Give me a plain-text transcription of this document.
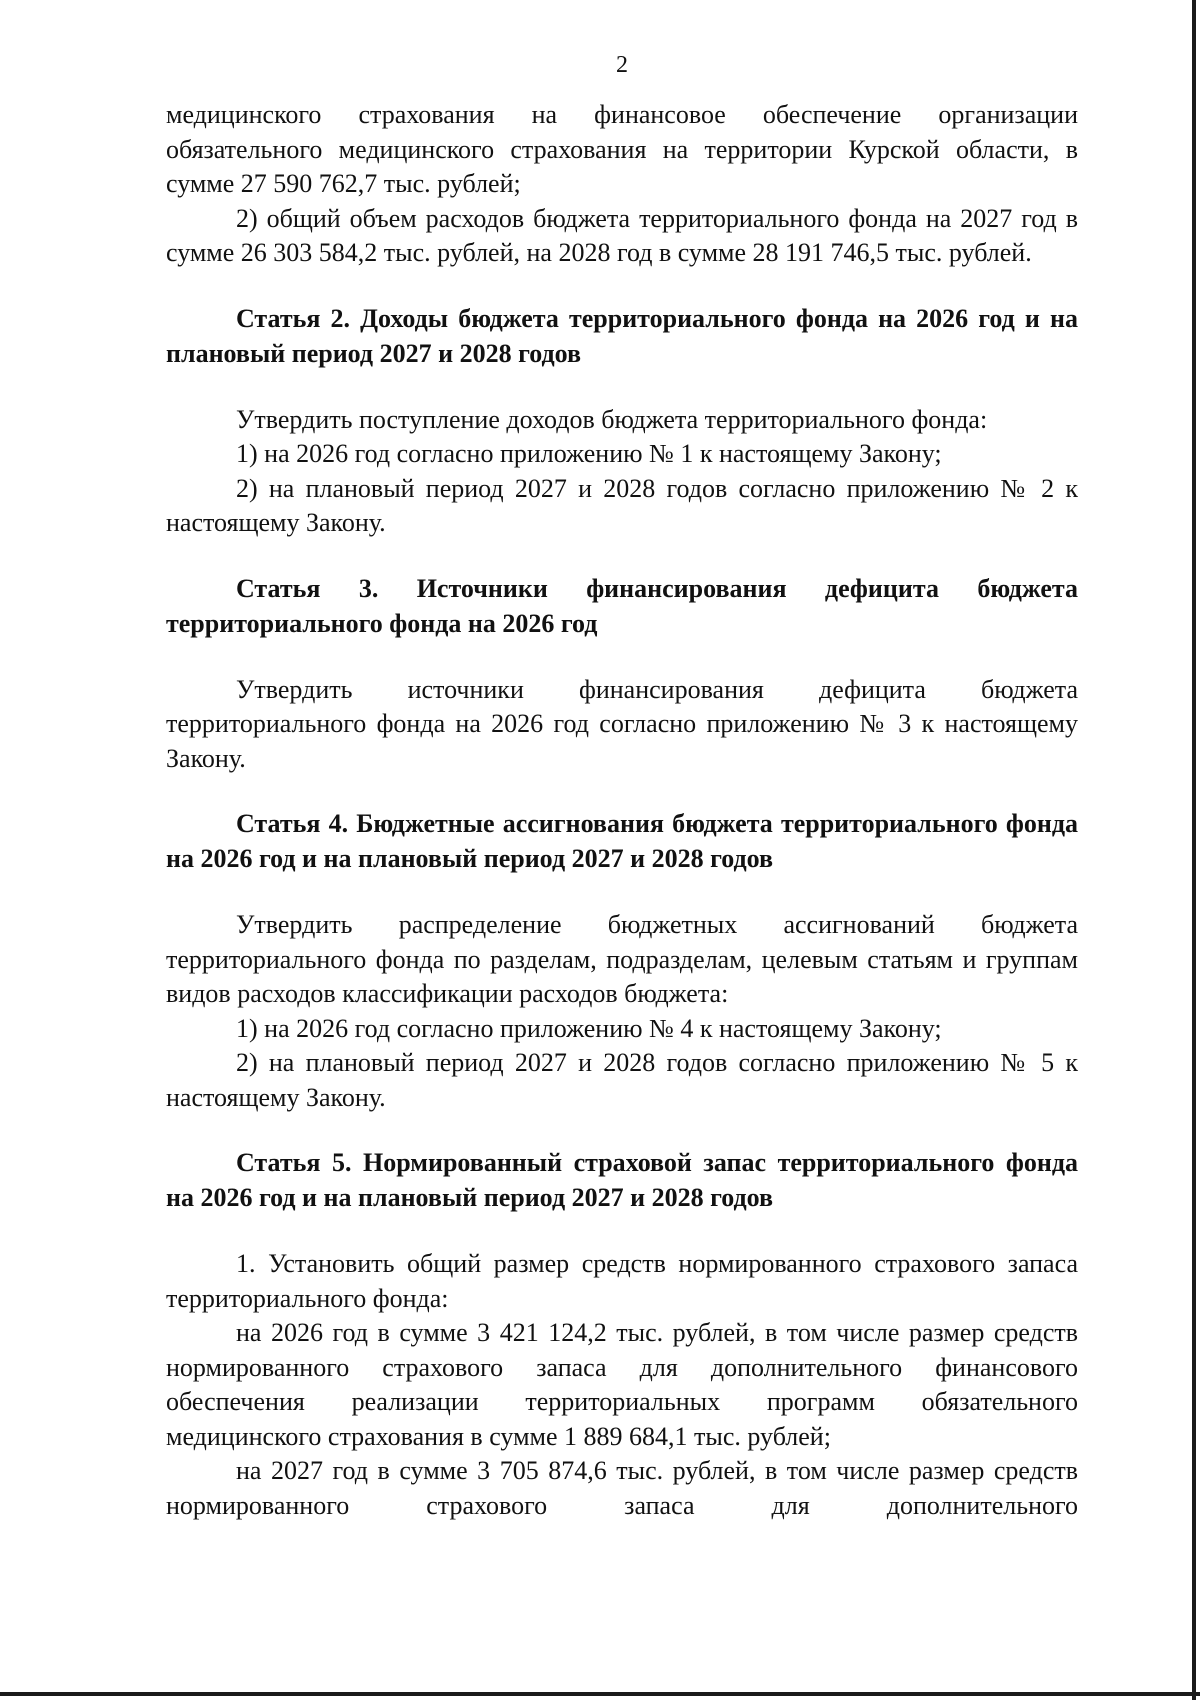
2

медицинского страхования на финансовое обеспечение организации обязательного медицинского страхования на территории Курской области, в сумме 27 590 762,7 тыс. рублей;

2) общий объем расходов бюджета территориального фонда на 2027 год в сумме 26 303 584,2 тыс. рублей, на 2028 год в сумме 28 191 746,5 тыс. рублей.

Статья 2. Доходы бюджета территориального фонда на 2026 год и на плановый период 2027 и 2028 годов

Утвердить поступление доходов бюджета территориального фонда:

1) на 2026 год согласно приложению № 1 к настоящему Закону;

2) на плановый период 2027 и 2028 годов согласно приложению № 2 к настоящему Закону.

Статья 3. Источники финансирования дефицита бюджета территориального фонда на 2026 год

Утвердить источники финансирования дефицита бюджета территориального фонда на 2026 год согласно приложению № 3 к настоящему Закону.

Статья 4. Бюджетные ассигнования бюджета территориального фонда на 2026 год и на плановый период 2027 и 2028 годов

Утвердить распределение бюджетных ассигнований бюджета территориального фонда по разделам, подразделам, целевым статьям и группам видов расходов классификации расходов бюджета:

1) на 2026 год согласно приложению № 4 к настоящему Закону;

2) на плановый период 2027 и 2028 годов согласно приложению № 5 к настоящему Закону.

Статья 5. Нормированный страховой запас территориального фонда на 2026 год и на плановый период 2027 и 2028 годов

1. Установить общий размер средств нормированного страхового запаса территориального фонда:

на 2026 год в сумме 3 421 124,2 тыс. рублей, в том числе размер средств нормированного страхового запаса для дополнительного финансового обеспечения реализации территориальных программ обязательного медицинского страхования в сумме 1 889 684,1 тыс. рублей;

на 2027 год в сумме 3 705 874,6 тыс. рублей, в том числе размер средств нормированного страхового запаса для дополнительного
